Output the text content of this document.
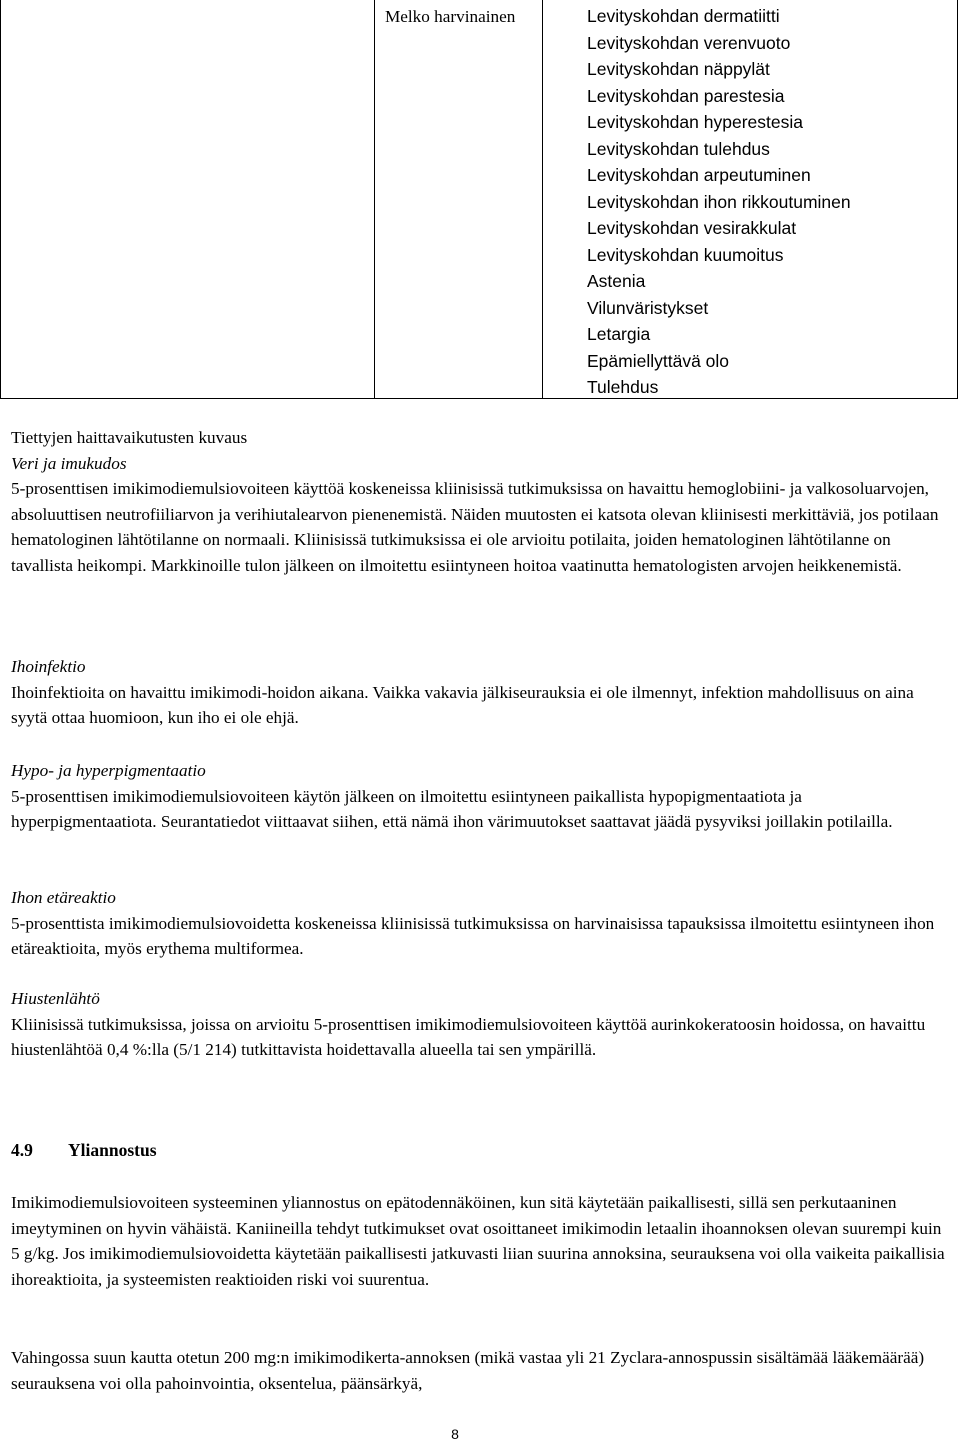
Melko harvinainen	Levityskohdan dermatiitti
Levityskohdan verenvuoto
Levityskohdan näppylät
Levityskohdan parestesia
Levityskohdan hyperestesia
Levityskohdan tulehdus
Levityskohdan arpeutuminen
Levityskohdan ihon rikkoutuminen
Levityskohdan vesirakkulat
Levityskohdan kuumoitus
Astenia
Vilunväristykset
Letargia
Epämiellyttävä olo
Tulehdus

Tiettyjen haittavaikutusten kuvaus

Veri ja imukudos

5-prosenttisen imikimodiemulsiovoiteen käyttöä koskeneissa kliinisissä tutkimuksissa on havaittu hemoglobiini- ja valkosoluarvojen, absoluuttisen neutrofiiliarvon ja verihiutalearvon pienenemistä. Näiden muutosten ei katsota olevan kliinisesti merkittäviä, jos potilaan hematologinen lähtötilanne on normaali. Kliinisissä tutkimuksissa ei ole arvioitu potilaita, joiden hematologinen lähtötilanne on tavallista heikompi. Markkinoille tulon jälkeen on ilmoitettu esiintyneen hoitoa vaatinutta hematologisten arvojen heikkenemistä.

Ihoinfektio

Ihoinfektioita on havaittu imikimodi-hoidon aikana. Vaikka vakavia jälkiseurauksia ei ole ilmennyt, infektion mahdollisuus on aina syytä ottaa huomioon, kun iho ei ole ehjä.

Hypo- ja hyperpigmentaatio

5-prosenttisen imikimodiemulsiovoiteen käytön jälkeen on ilmoitettu esiintyneen paikallista hypopigmentaatiota ja hyperpigmentaatiota. Seurantatiedot viittaavat siihen, että nämä ihon värimuutokset saattavat jäädä pysyviksi joillakin potilailla.

Ihon etäreaktio

5-prosenttista imikimodiemulsiovoidetta koskeneissa kliinisissä tutkimuksissa on harvinaisissa tapauksissa ilmoitettu esiintyneen ihon etäreaktioita, myös erythema multiformea.

Hiustenlähtö

Kliinisissä tutkimuksissa, joissa on arvioitu 5-prosenttisen imikimodiemulsiovoiteen käyttöä aurinkokeratoosin hoidossa, on havaittu hiustenlähtöä 0,4 %:lla (5/1 214) tutkittavista hoidettavalla alueella tai sen ympärillä.

4.9 Yliannostus
Imikimodiemulsiovoiteen systeeminen yliannostus on epätodennäköinen, kun sitä käytetään paikallisesti, sillä sen perkutaaninen imeytyminen on hyvin vähäistä. Kaniineilla tehdyt tutkimukset ovat osoittaneet imikimodin letaalin ihoannoksen olevan suurempi kuin 5 g/kg. Jos imikimodiemulsiovoidetta käytetään paikallisesti jatkuvasti liian suurina annoksina, seurauksena voi olla vaikeita paikallisia ihoreaktioita, ja systeemisten reaktioiden riski voi suurentua.
Vahingossa suun kautta otetun 200 mg:n imikimodikerta-annoksen (mikä vastaa yli 21 Zyclara-annospussin sisältämää lääkemäärää) seurauksena voi olla pahoinvointia, oksentelua, päänsärkyä,
8
